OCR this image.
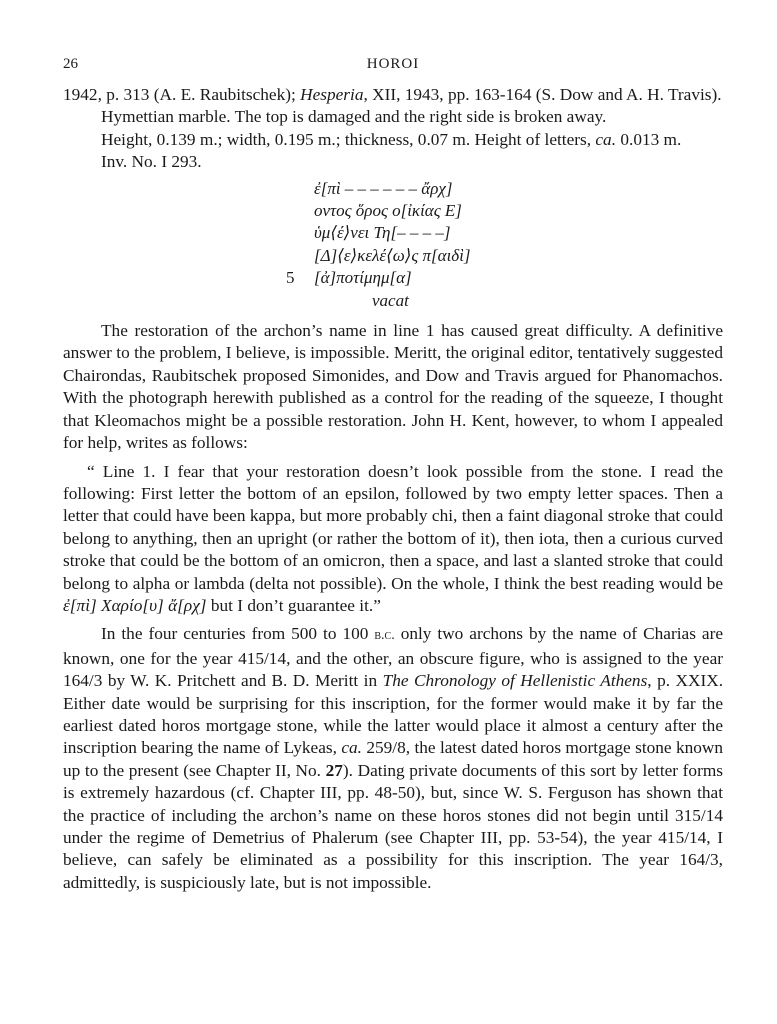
26	HOROI

1942, p. 313 (A. E. Raubitschek); Hesperia, XII, 1943, pp. 163-164 (S. Dow and A. H. Travis).

Hymettian marble. The top is damaged and the right side is broken away.

Height, 0.139 m.; width, 0.195 m.; thickness, 0.07 m. Height of letters, ca. 0.013 m.

Inv. No. I 293.

ἐ[πὶ – – – – – – ἄρχ]
οντος ὅρος ο[ἰκίας Ε]
ὑμ⟨έ⟩νει Τη[– – – –]
[Δ]⟨ε⟩κελέ⟨ω⟩ς π[αιδὶ]
5 [ἀ]ποτίμημ[α]
vacat

The restoration of the archon’s name in line 1 has caused great difficulty. A definitive answer to the problem, I believe, is impossible. Meritt, the original editor, tentatively suggested Chairondas, Raubitschek proposed Simonides, and Dow and Travis argued for Phanomachos. With the photograph herewith published as a control for the reading of the squeeze, I thought that Kleomachos might be a possible restoration. John H. Kent, however, to whom I appealed for help, writes as follows:

“ Line 1. I fear that your restoration doesn’t look possible from the stone. I read the following: First letter the bottom of an epsilon, followed by two empty letter spaces. Then a letter that could have been kappa, but more probably chi, then a faint diagonal stroke that could belong to anything, then an upright (or rather the bottom of it), then iota, then a curious curved stroke that could be the bottom of an omicron, then a space, and last a slanted stroke that could belong to alpha or lambda (delta not possible). On the whole, I think the best reading would be ἐ[πὶ] Χαρίο[υ] ἄ[ρχ] but I don’t guarantee it.”

In the four centuries from 500 to 100 b.c. only two archons by the name of Charias are known, one for the year 415/14, and the other, an obscure figure, who is assigned to the year 164/3 by W. K. Pritchett and B. D. Meritt in The Chronology of Hellenistic Athens, p. XXIX. Either date would be surprising for this inscription, for the former would make it by far the earliest dated horos mortgage stone, while the latter would place it almost a century after the inscription bearing the name of Lykeas, ca. 259/8, the latest dated horos mortgage stone known up to the present (see Chapter II, No. 27). Dating private documents of this sort by letter forms is extremely hazardous (cf. Chapter III, pp. 48-50), but, since W. S. Ferguson has shown that the practice of including the archon’s name on these horos stones did not begin until 315/14 under the regime of Demetrius of Phalerum (see Chapter III, pp. 53-54), the year 415/14, I believe, can safely be eliminated as a possibility for this inscription. The year 164/3, admittedly, is suspiciously late, but is not impossible.
